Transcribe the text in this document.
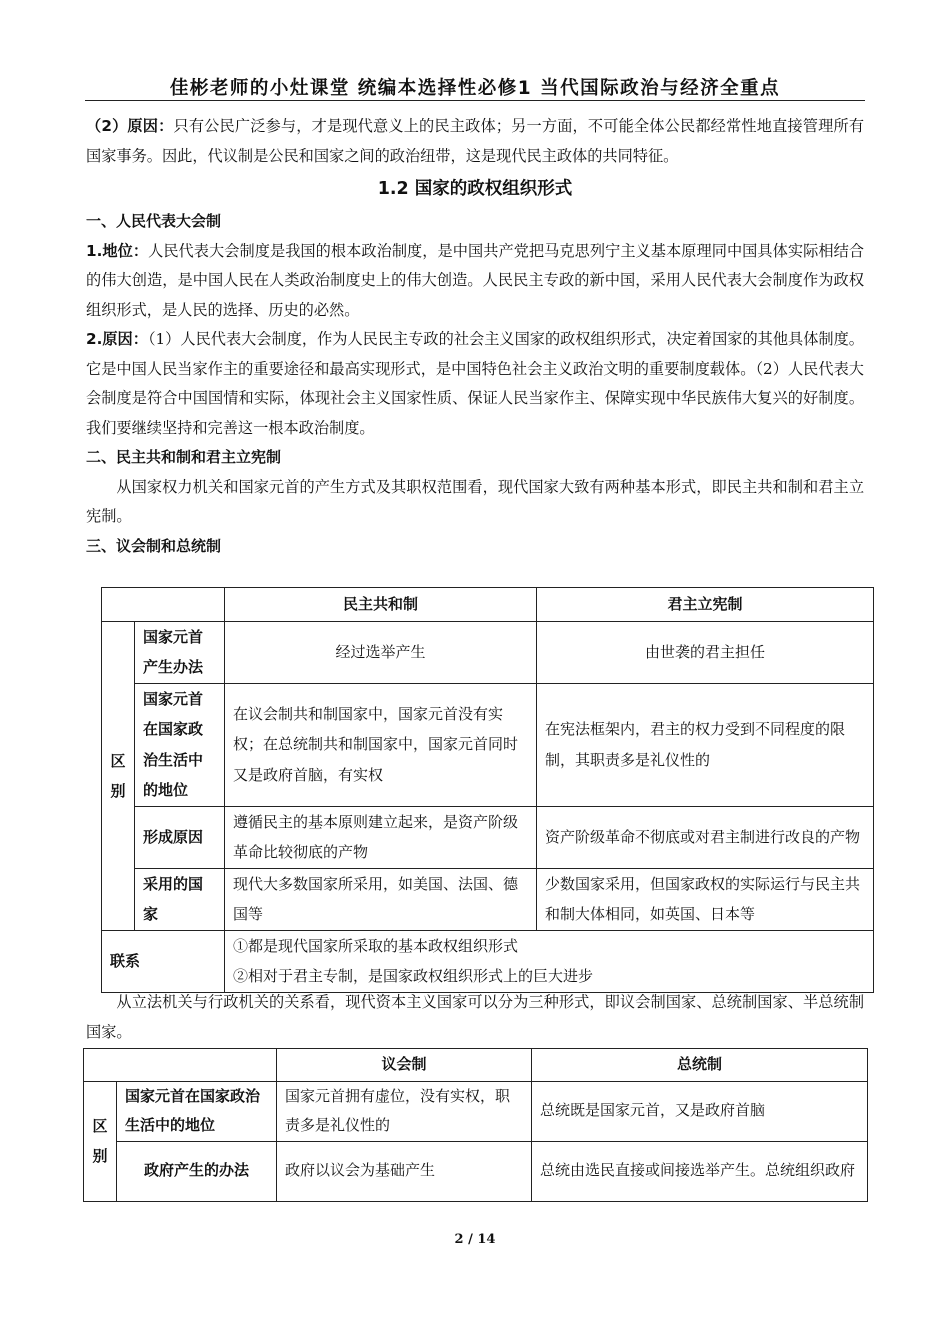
佳彬老师的小灶课堂 统编本选择性必修1 当代国际政治与经济全重点

（2）原因：只有公民广泛参与，才是现代意义上的民主政体；另一方面，不可能全体公民都经常性地直接管理所有国家事务。因此，代议制是公民和国家之间的政治纽带，这是现代民主政体的共同特征。

1.2 国家的政权组织形式

一、人民代表大会制

1.地位：人民代表大会制度是我国的根本政治制度，是中国共产党把马克思列宁主义基本原理同中国具体实际相结合的伟大创造，是中国人民在人类政治制度史上的伟大创造。人民民主专政的新中国，采用人民代表大会制度作为政权组织形式，是人民的选择、历史的必然。

2.原因：（1）人民代表大会制度，作为人民民主专政的社会主义国家的政权组织形式，决定着国家的其他具体制度。它是中国人民当家作主的重要途径和最高实现形式，是中国特色社会主义政治文明的重要制度载体。（2）人民代表大会制度是符合中国国情和实际，体现社会主义国家性质、保证人民当家作主、保障实现中华民族伟大复兴的好制度。我们要继续坚持和完善这一根本政治制度。

二、民主共和制和君主立宪制

从国家权力机关和国家元首的产生方式及其职权范围看，现代国家大致有两种基本形式，即民主共和制和君主立宪制。

三、议会制和总统制

		民主共和制	君主立宪制

区别	国家元首产生办法	经过选举产生	由世袭的君主担任
	国家元首在国家政治生活中的地位	在议会制共和制国家中，国家元首没有实权；在总统制共和制国家中，国家元首同时又是政府首脑，有实权	在宪法框架内，君主的权力受到不同程度的限制，其职责多是礼仪性的
	形成原因	遵循民主的基本原则建立起来，是资产阶级革命比较彻底的产物	资产阶级革命不彻底或对君主制进行改良的产物
	采用的国家	现代大多数国家所采用，如美国、法国、德国等	少数国家采用，但国家政权的实际运行与民主共和制大体相同，如英国、日本等
联系		①都是现代国家所采取的基本政权组织形式
②相对于君主专制，是国家政权组织形式上的巨大进步	

从立法机关与行政机关的关系看，现代资本主义国家可以分为三种形式，即议会制国家、总统制国家、半总统制国家。

		议会制	总统制

区别	国家元首在国家政治生活中的地位	国家元首拥有虚位，没有实权，职责多是礼仪性的	总统既是国家元首，又是政府首脑
	政府产生的办法	政府以议会为基础产生	总统由选民直接或间接选举产生。总统组织政府
2 / 14
